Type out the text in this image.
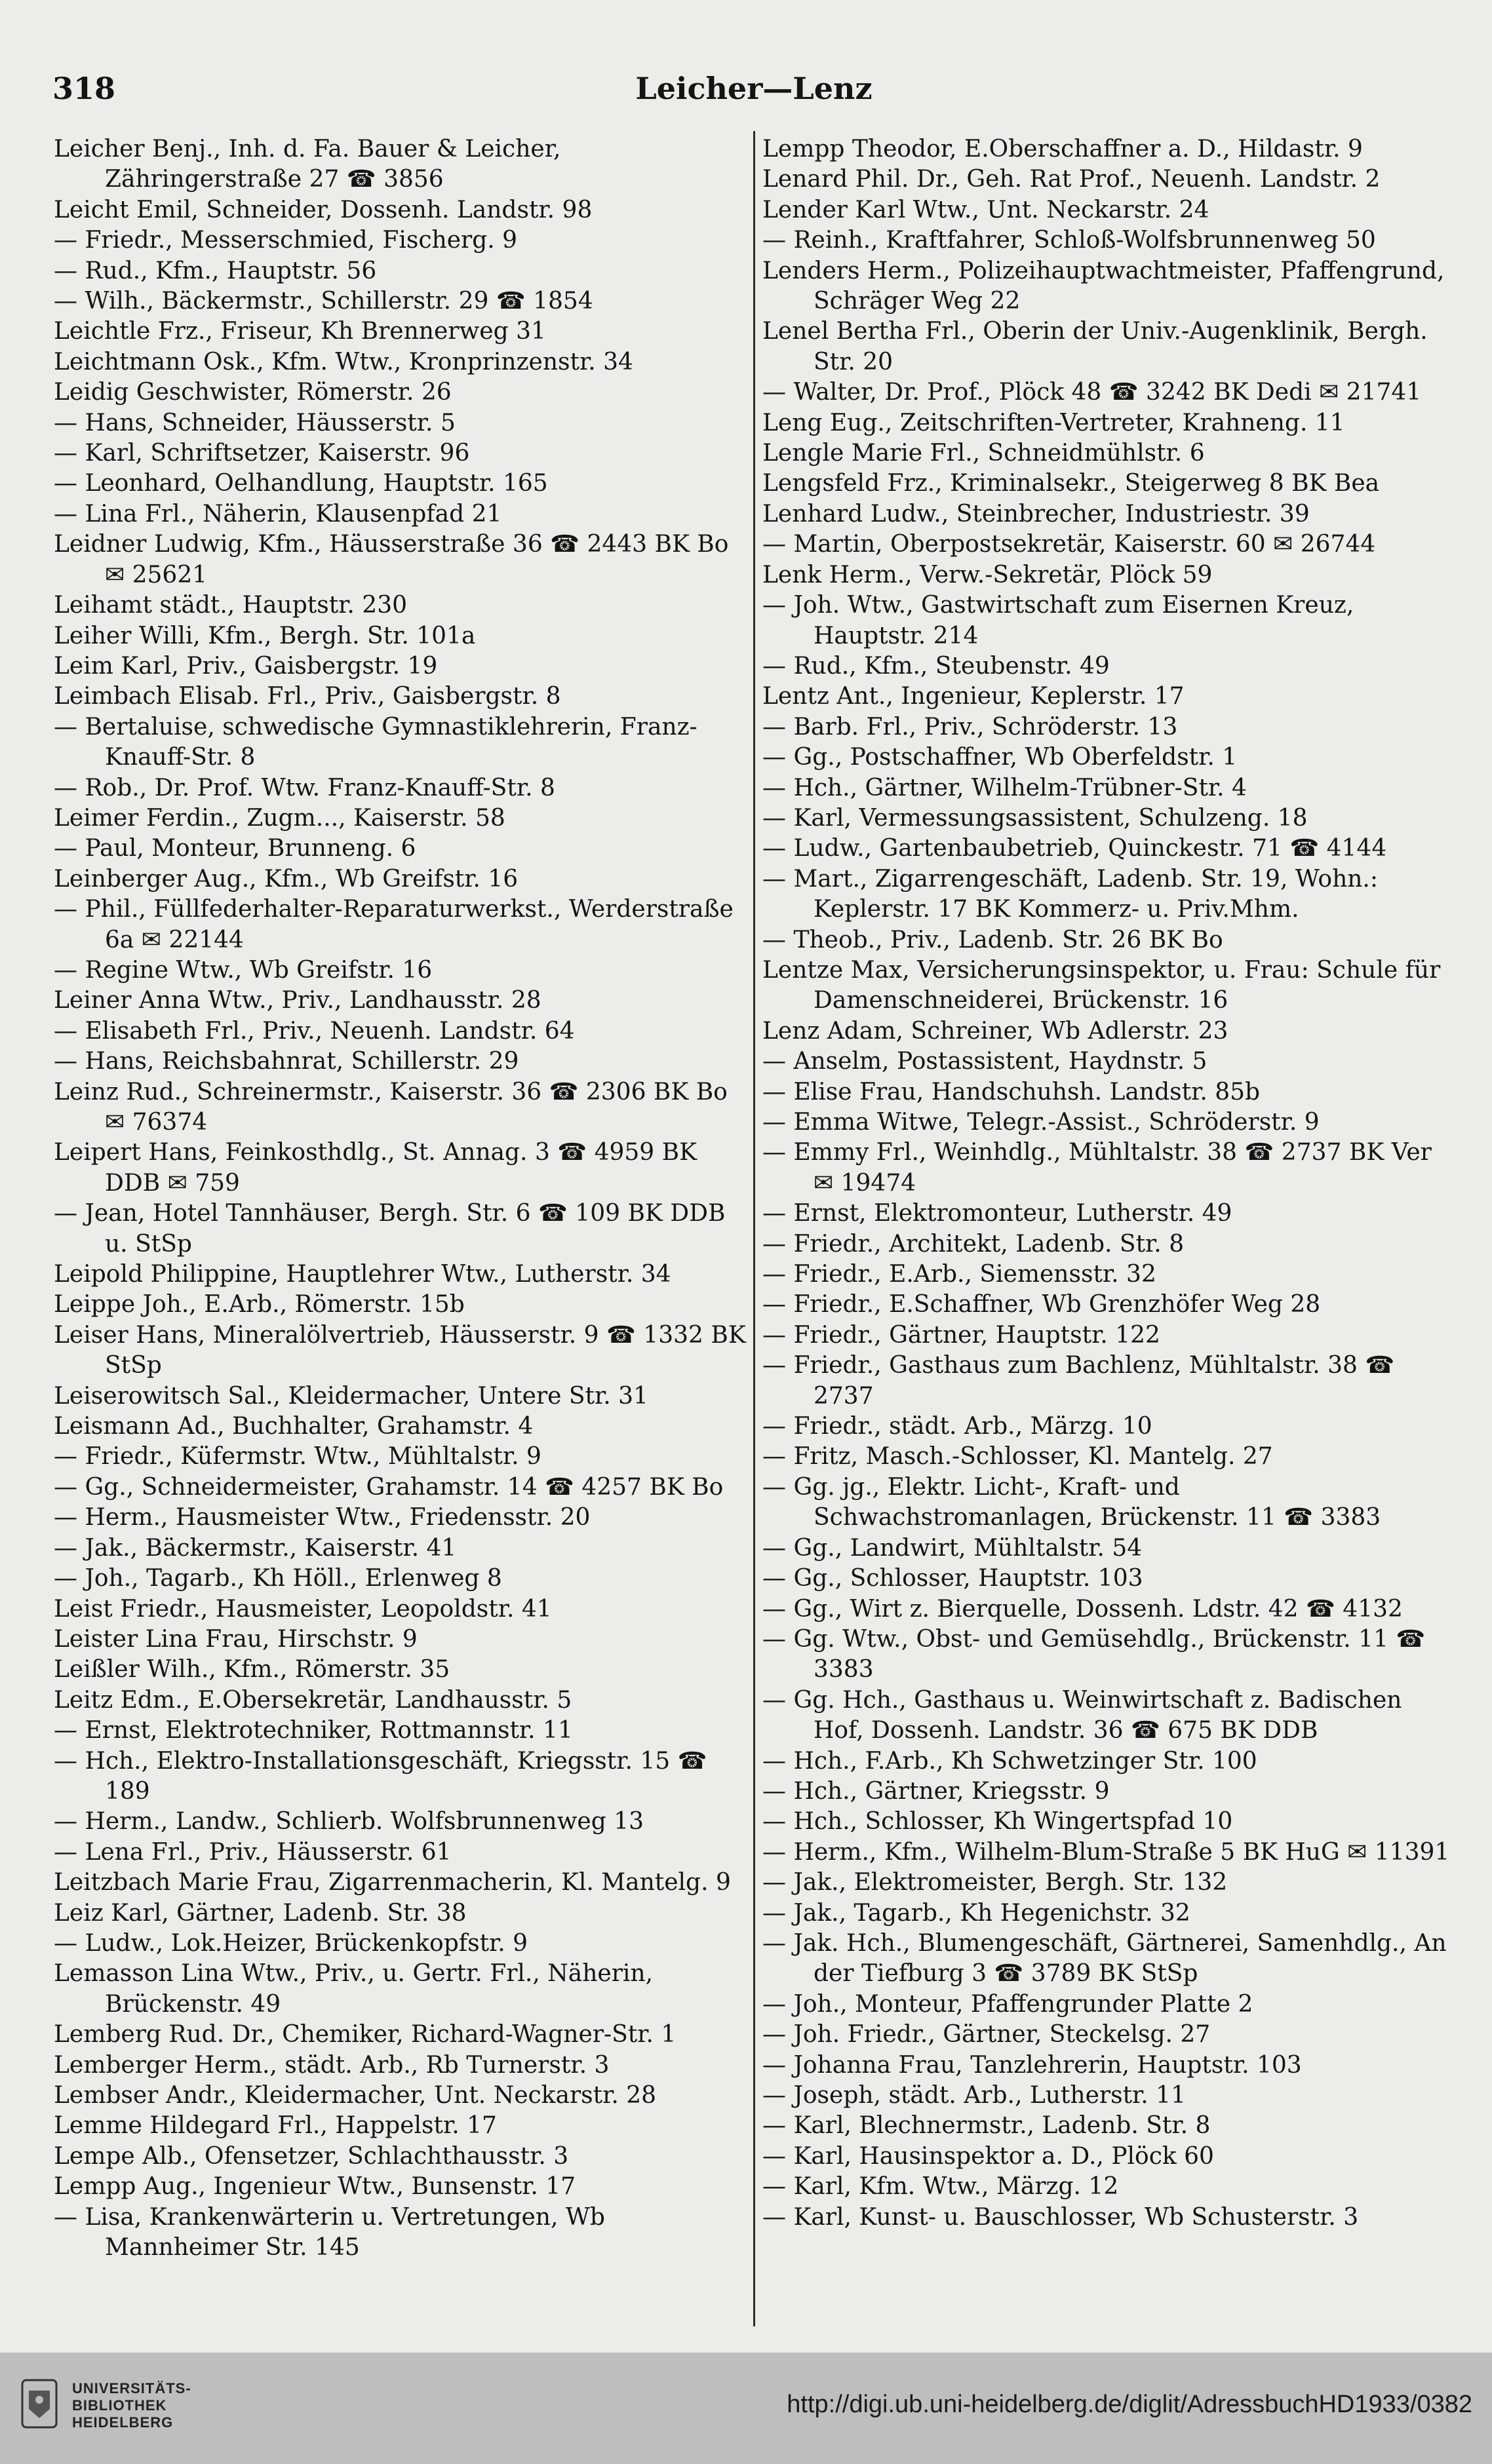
318	Leicher—Lenz
Leicher Benj., Inh. d. Fa. Bauer & Leicher, Zähringerstraße 27 ☎ 3856
Leicht Emil, Schneider, Dossenh. Landstr. 98
— Friedr., Messerschmied, Fischerg. 9
— Rud., Kfm., Hauptstr. 56
— Wilh., Bäckermstr., Schillerstr. 29 ☎ 1854
Leichtle Frz., Friseur, Kh Brennerweg 31
Leichtmann Osk., Kfm. Wtw., Kronprinzenstr. 34
Leidig Geschwister, Römerstr. 26
— Hans, Schneider, Häusserstr. 5
— Karl, Schriftsetzer, Kaiserstr. 96
— Leonhard, Oelhandlung, Hauptstr. 165
— Lina Frl., Näherin, Klausenpfad 21
Leidner Ludwig, Kfm., Häusserstraße 36 ☎ 2443 BK Bo ✉ 25621
Leihamt städt., Hauptstr. 230
Leiher Willi, Kfm., Bergh. Str. 101a
Leim Karl, Priv., Gaisbergstr. 19
Leimbach Elisab. Frl., Priv., Gaisbergstr. 8
— Bertaluise, schwedische Gymnastiklehrerin, Franz-Knauff-Str. 8
— Rob., Dr. Prof. Wtw. Franz-Knauff-Str. 8
Leimer Ferdin., Zugm..., Kaiserstr. 58
— Paul, Monteur, Brunneng. 6
Leinberger Aug., Kfm., Wb Greifstr. 16
— Phil., Füllfederhalter-Reparaturwerkst., Werderstraße 6a ✉ 22144
— Regine Wtw., Wb Greifstr. 16
Leiner Anna Wtw., Priv., Landhausstr. 28
— Elisabeth Frl., Priv., Neuenh. Landstr. 64
— Hans, Reichsbahnrat, Schillerstr. 29
Leinz Rud., Schreinermstr., Kaiserstr. 36 ☎ 2306 BK Bo ✉ 76374
Leipert Hans, Feinkosthdlg., St. Annag. 3 ☎ 4959 BK DDB ✉ 759
— Jean, Hotel Tannhäuser, Bergh. Str. 6 ☎ 109 BK DDB u. StSp
Leipold Philippine, Hauptlehrer Wtw., Lutherstr. 34
Leippe Joh., E.Arb., Römerstr. 15b
Leiser Hans, Mineralölvertrieb, Häusserstr. 9 ☎ 1332 BK StSp
Leiserowitsch Sal., Kleidermacher, Untere Str. 31
Leismann Ad., Buchhalter, Grahamstr. 4
— Friedr., Küfermstr. Wtw., Mühltalstr. 9
— Gg., Schneidermeister, Grahamstr. 14 ☎ 4257 BK Bo
— Herm., Hausmeister Wtw., Friedensstr. 20
— Jak., Bäckermstr., Kaiserstr. 41
— Joh., Tagarb., Kh Höll., Erlenweg 8
Leist Friedr., Hausmeister, Leopoldstr. 41
Leister Lina Frau, Hirschstr. 9
Leißler Wilh., Kfm., Römerstr. 35
Leitz Edm., E.Obersekretär, Landhausstr. 5
— Ernst, Elektrotechniker, Rottmannstr. 11
— Hch., Elektro-Installationsgeschäft, Kriegsstr. 15 ☎ 189
— Herm., Landw., Schlierb. Wolfsbrunnenweg 13
— Lena Frl., Priv., Häusserstr. 61
Leitzbach Marie Frau, Zigarrenmacherin, Kl. Mantelg. 9
Leiz Karl, Gärtner, Ladenb. Str. 38
— Ludw., Lok.Heizer, Brückenkopfstr. 9
Lemasson Lina Wtw., Priv., u. Gertr. Frl., Näherin, Brückenstr. 49
Lemberg Rud. Dr., Chemiker, Richard-Wagner-Str. 1
Lemberger Herm., städt. Arb., Rb Turnerstr. 3
Lembser Andr., Kleidermacher, Unt. Neckarstr. 28
Lemme Hildegard Frl., Happelstr. 17
Lempe Alb., Ofensetzer, Schlachthausstr. 3
Lempp Aug., Ingenieur Wtw., Bunsenstr. 17
— Lisa, Krankenwärterin u. Vertretungen, Wb Mannheimer Str. 145
Lempp Theodor, E.Oberschaffner a. D., Hildastr. 9
Lenard Phil. Dr., Geh. Rat Prof., Neuenh. Landstr. 2
Lender Karl Wtw., Unt. Neckarstr. 24
— Reinh., Kraftfahrer, Schloß-Wolfsbrunnenweg 50
Lenders Herm., Polizeihauptwachtmeister, Pfaffengrund, Schräger Weg 22
Lenel Bertha Frl., Oberin der Univ.-Augenklinik, Bergh. Str. 20
— Walter, Dr. Prof., Plöck 48 ☎ 3242 BK Dedi ✉ 21741
Leng Eug., Zeitschriften-Vertreter, Krahneng. 11
Lengle Marie Frl., Schneidmühlstr. 6
Lengsfeld Frz., Kriminalsekr., Steigerweg 8 BK Bea
Lenhard Ludw., Steinbrecher, Industriestr. 39
— Martin, Oberpostsekretär, Kaiserstr. 60 ✉ 26744
Lenk Herm., Verw.-Sekretär, Plöck 59
— Joh. Wtw., Gastwirtschaft zum Eisernen Kreuz, Hauptstr. 214
— Rud., Kfm., Steubenstr. 49
Lentz Ant., Ingenieur, Keplerstr. 17
— Barb. Frl., Priv., Schröderstr. 13
— Gg., Postschaffner, Wb Oberfeldstr. 1
— Hch., Gärtner, Wilhelm-Trübner-Str. 4
— Karl, Vermessungsassistent, Schulzeng. 18
— Ludw., Gartenbaubetrieb, Quinckestr. 71 ☎ 4144
— Mart., Zigarrengeschäft, Ladenb. Str. 19, Wohn.: Keplerstr. 17 BK Kommerz- u. Priv.Mhm.
— Theob., Priv., Ladenb. Str. 26 BK Bo
Lentze Max, Versicherungsinspektor, u. Frau: Schule für Damenschneiderei, Brückenstr. 16
Lenz Adam, Schreiner, Wb Adlerstr. 23
— Anselm, Postassistent, Haydnstr. 5
— Elise Frau, Handschuhsh. Landstr. 85b
— Emma Witwe, Telegr.-Assist., Schröderstr. 9
— Emmy Frl., Weinhdlg., Mühltalstr. 38 ☎ 2737 BK Ver ✉ 19474
— Ernst, Elektromonteur, Lutherstr. 49
— Friedr., Architekt, Ladenb. Str. 8
— Friedr., E.Arb., Siemensstr. 32
— Friedr., E.Schaffner, Wb Grenzhöfer Weg 28
— Friedr., Gärtner, Hauptstr. 122
— Friedr., Gasthaus zum Bachlenz, Mühltalstr. 38 ☎ 2737
— Friedr., städt. Arb., Märzg. 10
— Fritz, Masch.-Schlosser, Kl. Mantelg. 27
— Gg. jg., Elektr. Licht-, Kraft- und Schwachstromanlagen, Brückenstr. 11 ☎ 3383
— Gg., Landwirt, Mühltalstr. 54
— Gg., Schlosser, Hauptstr. 103
— Gg., Wirt z. Bierquelle, Dossenh. Ldstr. 42 ☎ 4132
— Gg. Wtw., Obst- und Gemüsehdlg., Brückenstr. 11 ☎ 3383
— Gg. Hch., Gasthaus u. Weinwirtschaft z. Badischen Hof, Dossenh. Landstr. 36 ☎ 675 BK DDB
— Hch., F.Arb., Kh Schwetzinger Str. 100
— Hch., Gärtner, Kriegsstr. 9
— Hch., Schlosser, Kh Wingertspfad 10
— Herm., Kfm., Wilhelm-Blum-Straße 5 BK HuG ✉ 11391
— Jak., Elektromeister, Bergh. Str. 132
— Jak., Tagarb., Kh Hegenichstr. 32
— Jak. Hch., Blumengeschäft, Gärtnerei, Samenhdlg., An der Tiefburg 3 ☎ 3789 BK StSp
— Joh., Monteur, Pfaffengrunder Platte 2
— Joh. Friedr., Gärtner, Steckelsg. 27
— Johanna Frau, Tanzlehrerin, Hauptstr. 103
— Joseph, städt. Arb., Lutherstr. 11
— Karl, Blechnermstr., Ladenb. Str. 8
— Karl, Hausinspektor a. D., Plöck 60
— Karl, Kfm. Wtw., Märzg. 12
— Karl, Kunst- u. Bauschlosser, Wb Schusterstr. 3
UNIVERSITÄTS-
BIBLIOTHEK
HEIDELBERG
http://digi.ub.uni-heidelberg.de/diglit/AdressbuchHD1933/0382
